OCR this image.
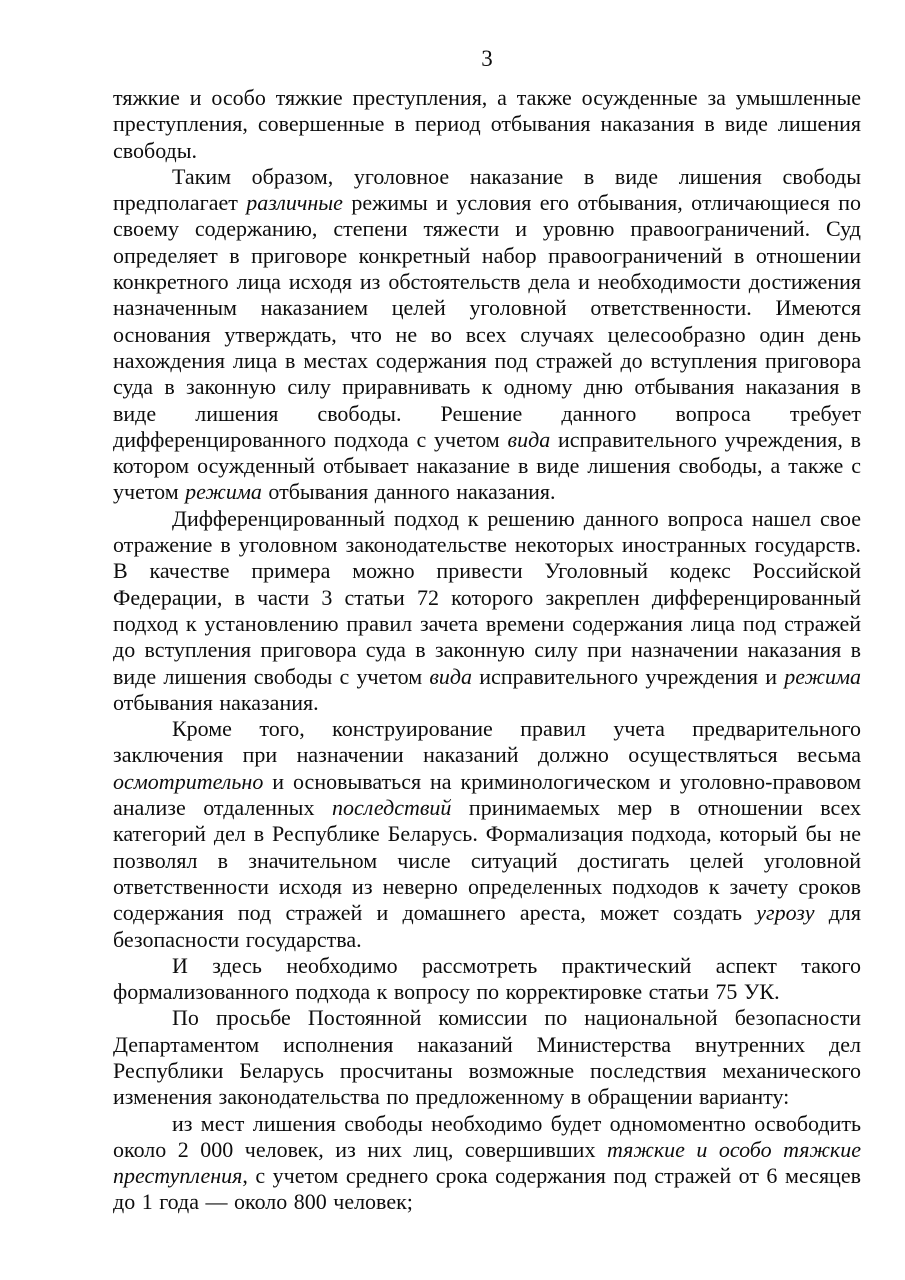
3

тяжкие и особо тяжкие преступления, а также осужденные за умышленные преступления, совершенные в период отбывания наказания в виде лишения свободы.

Таким образом, уголовное наказание в виде лишения свободы предполагает различные режимы и условия его отбывания, отличающиеся по своему содержанию, степени тяжести и уровню правоограничений. Суд определяет в приговоре конкретный набор правоограничений в отношении конкретного лица исходя из обстоятельств дела и необходимости достижения назначенным наказанием целей уголовной ответственности. Имеются основания утверждать, что не во всех случаях целесообразно один день нахождения лица в местах содержания под стражей до вступления приговора суда в законную силу приравнивать к одному дню отбывания наказания в виде лишения свободы. Решение данного вопроса требует дифференцированного подхода с учетом вида исправительного учреждения, в котором осужденный отбывает наказание в виде лишения свободы, а также с учетом режима отбывания данного наказания.

Дифференцированный подход к решению данного вопроса нашел свое отражение в уголовном законодательстве некоторых иностранных государств. В качестве примера можно привести Уголовный кодекс Российской Федерации, в части 3 статьи 72 которого закреплен дифференцированный подход к установлению правил зачета времени содержания лица под стражей до вступления приговора суда в законную силу при назначении наказания в виде лишения свободы с учетом вида исправительного учреждения и режима отбывания наказания.

Кроме того, конструирование правил учета предварительного заключения при назначении наказаний должно осуществляться весьма осмотрительно и основываться на криминологическом и уголовно-правовом анализе отдаленных последствий принимаемых мер в отношении всех категорий дел в Республике Беларусь. Формализация подхода, который бы не позволял в значительном числе ситуаций достигать целей уголовной ответственности исходя из неверно определенных подходов к зачету сроков содержания под стражей и домашнего ареста, может создать угрозу для безопасности государства.

И здесь необходимо рассмотреть практический аспект такого формализованного подхода к вопросу по корректировке статьи 75 УК.

По просьбе Постоянной комиссии по национальной безопасности Департаментом исполнения наказаний Министерства внутренних дел Республики Беларусь просчитаны возможные последствия механического изменения законодательства по предложенному в обращении варианту:

из мест лишения свободы необходимо будет одномоментно освободить около 2 000 человек, из них лиц, совершивших тяжкие и особо тяжкие преступления, с учетом среднего срока содержания под стражей от 6 месяцев до 1 года — около 800 человек;
